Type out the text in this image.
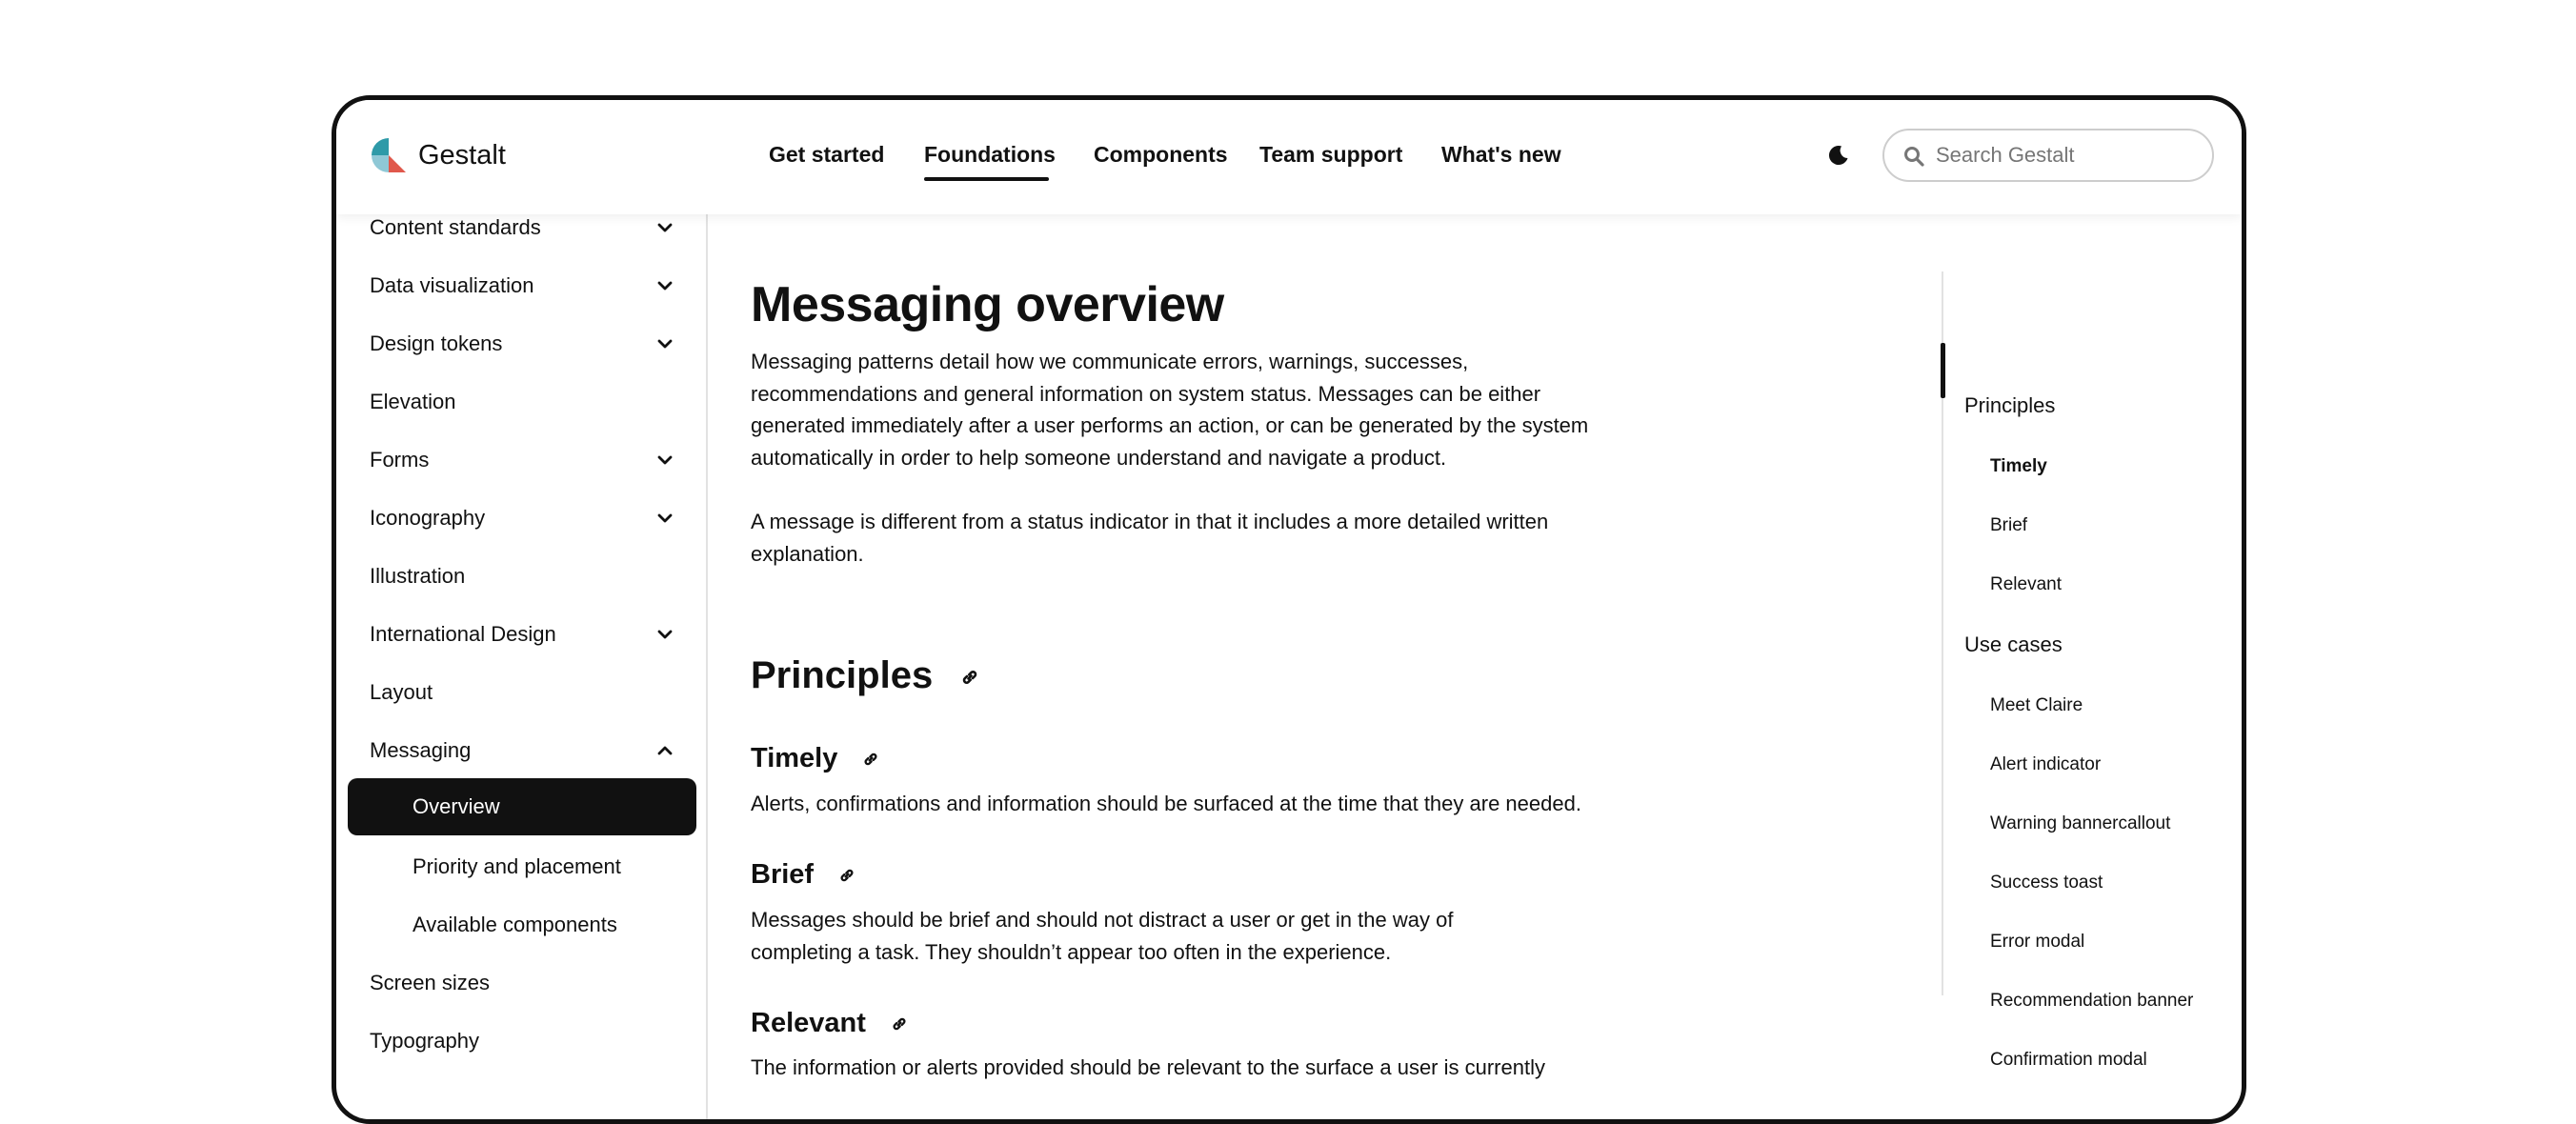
Content standards
Data visualization
Design tokens
Elevation
Forms
Iconography
Illustration
International Design
Layout
Messaging
Overview
Priority and placement
Available components
Screen sizes
Typography
Messaging overview

Messaging patterns detail how we communicate errors, warnings, successes, recommendations and general information on system status. Messages can be either generated immediately after a user performs an action, or can be generated by the system automatically in order to help someone understand and navigate a product.

A message is different from a status indicator in that it includes a more detailed written explanation.

Principles
Timely

Alerts, confirmations and information should be surfaced at the time that they are needed.

Brief

Messages should be brief and should not distract a user or get in the way of completing a task. They shouldn’t appear too often in the experience.

Relevant

The information or alerts provided should be relevant to the surface a user is currently

Principles
Timely
Brief
Relevant
Use cases
Meet Claire
Alert indicator
Warning bannercallout
Success toast
Error modal
Recommendation banner
Confirmation modal
Gestalt	Get started Foundations Components Team support What's new
Search Gestalt
